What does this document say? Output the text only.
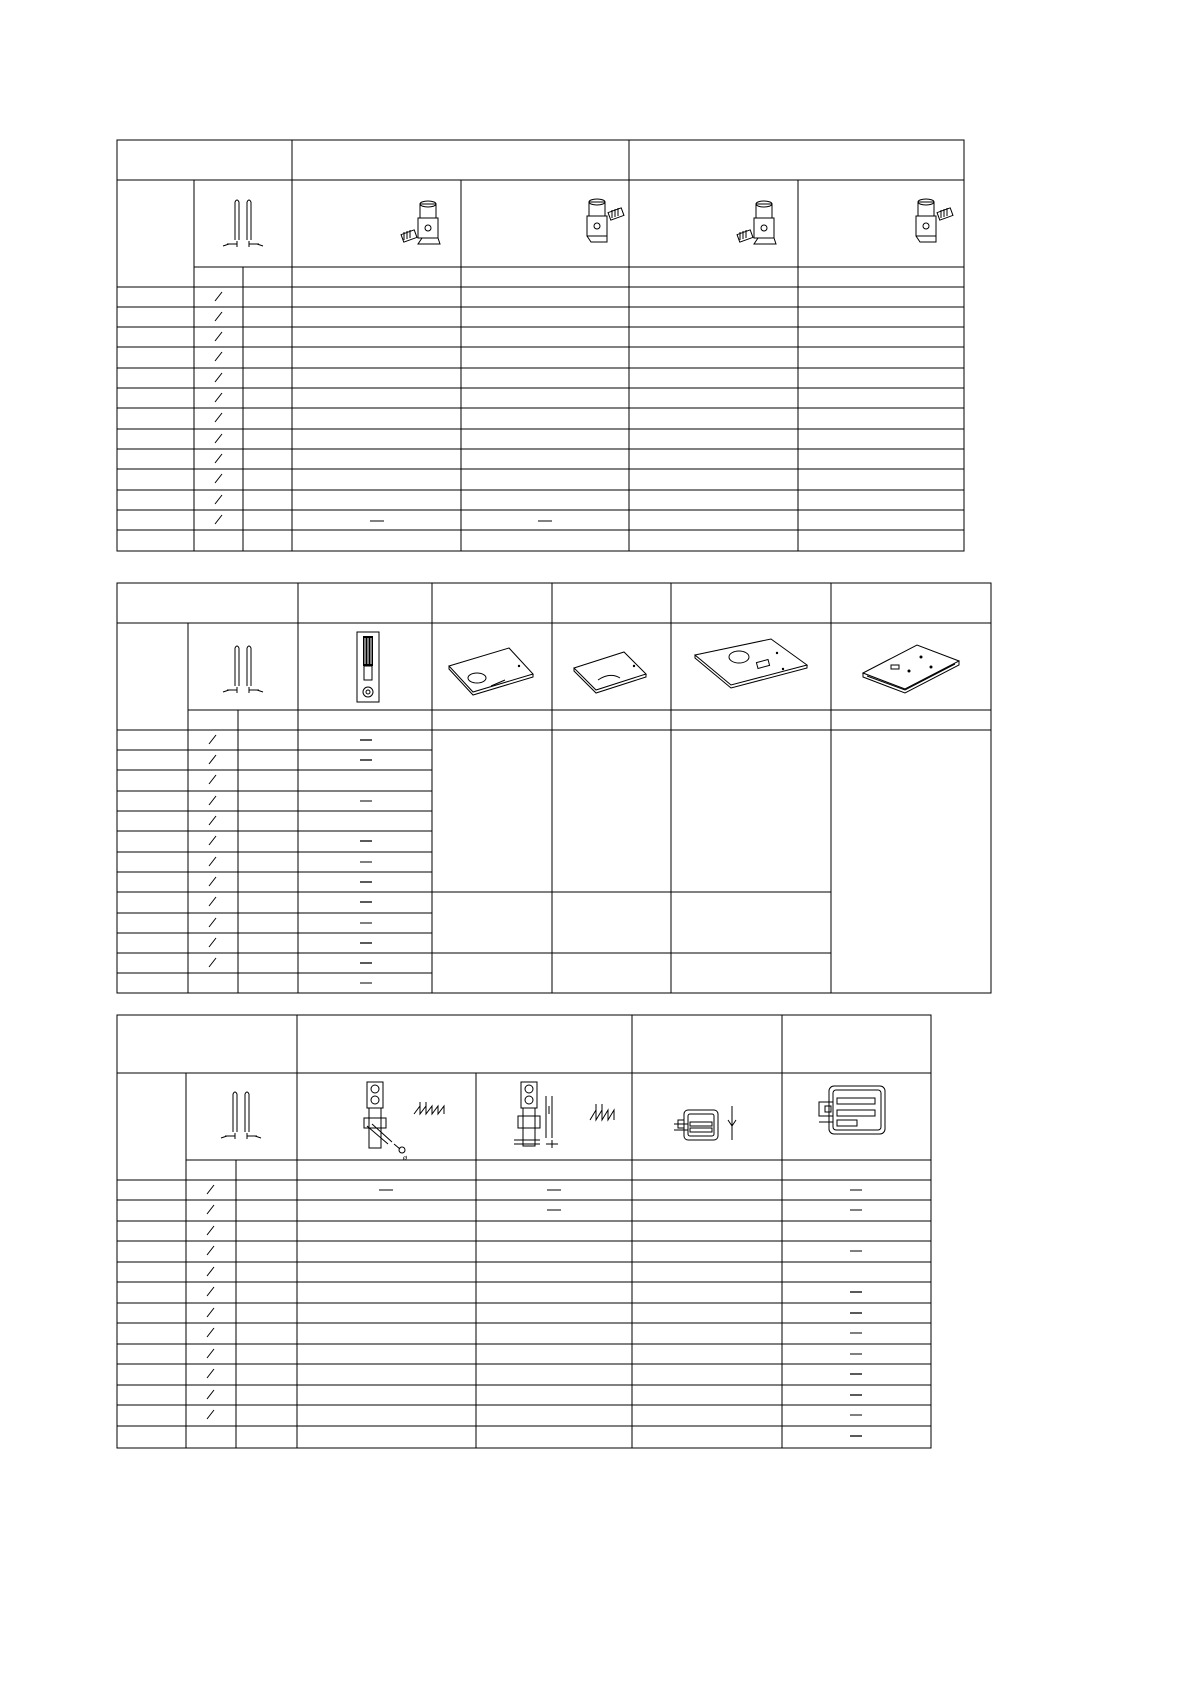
ø
